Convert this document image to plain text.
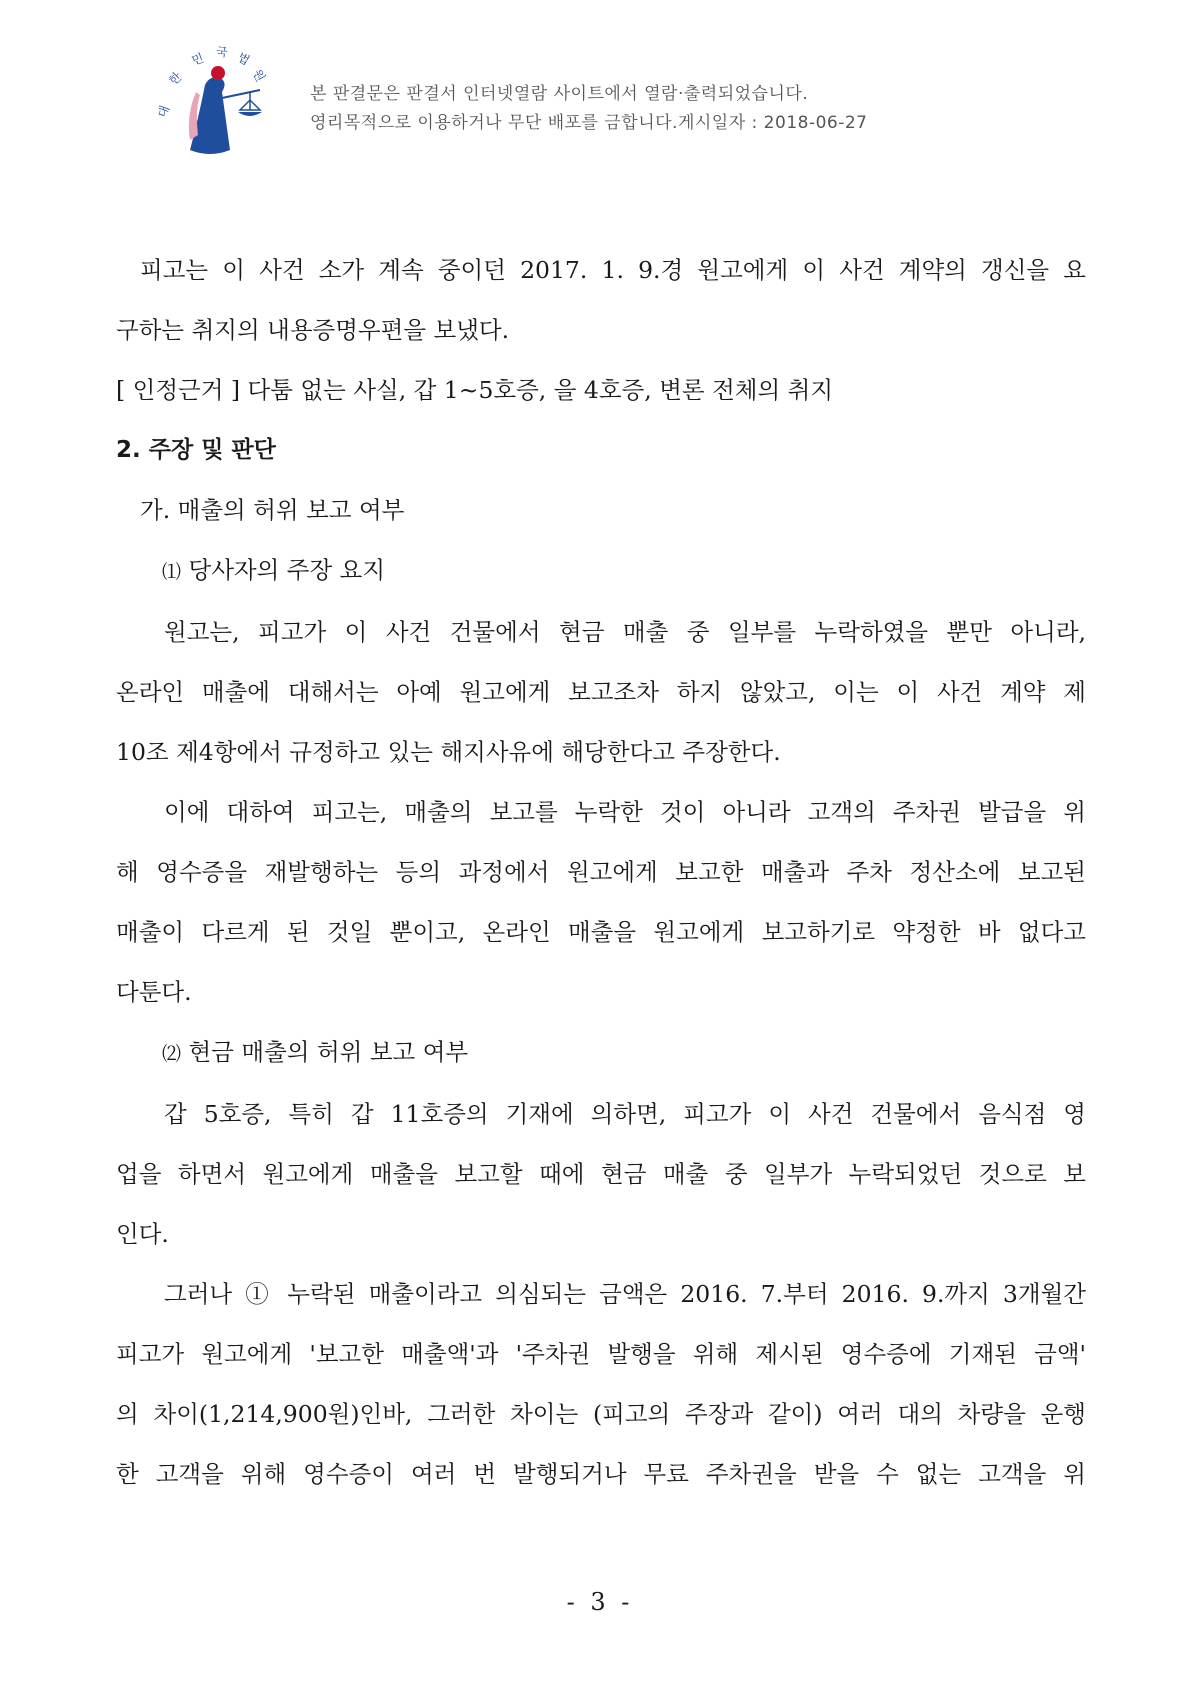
대
한
민 국 법
원
본 판결문은 판결서 인터넷열람 사이트에서 열람·출력되었습니다.
영리목적으로 이용하거나 무단 배포를 금합니다.게시일자 : 2018-06-27

피고는 이 사건 소가 계속 중이던 2017. 1. 9.경 원고에게 이 사건 계약의 갱신을 요

구하는 취지의 내용증명우편을 보냈다.

[ 인정근거 ] 다툼 없는 사실, 갑 1~5호증, 을 4호증, 변론 전체의 취지

2. 주장 및 판단

가. 매출의 허위 보고 여부

⑴ 당사자의 주장 요지

원고는, 피고가 이 사건 건물에서 현금 매출 중 일부를 누락하였을 뿐만 아니라,

온라인 매출에 대해서는 아예 원고에게 보고조차 하지 않았고, 이는 이 사건 계약 제

10조 제4항에서 규정하고 있는 해지사유에 해당한다고 주장한다.

이에 대하여 피고는, 매출의 보고를 누락한 것이 아니라 고객의 주차권 발급을 위

해 영수증을 재발행하는 등의 과정에서 원고에게 보고한 매출과 주차 정산소에 보고된

매출이 다르게 된 것일 뿐이고, 온라인 매출을 원고에게 보고하기로 약정한 바 없다고

다툰다.

⑵ 현금 매출의 허위 보고 여부

갑 5호증, 특히 갑 11호증의 기재에 의하면, 피고가 이 사건 건물에서 음식점 영

업을 하면서 원고에게 매출을 보고할 때에 현금 매출 중 일부가 누락되었던 것으로 보

인다.

그러나 ① 누락된 매출이라고 의심되는 금액은 2016. 7.부터 2016. 9.까지 3개월간

피고가 원고에게 '보고한 매출액'과 '주차권 발행을 위해 제시된 영수증에 기재된 금액'

의 차이(1,214,900원)인바, 그러한 차이는 (피고의 주장과 같이) 여러 대의 차량을 운행

한 고객을 위해 영수증이 여러 번 발행되거나 무료 주차권을 받을 수 없는 고객을 위

- 3 -
